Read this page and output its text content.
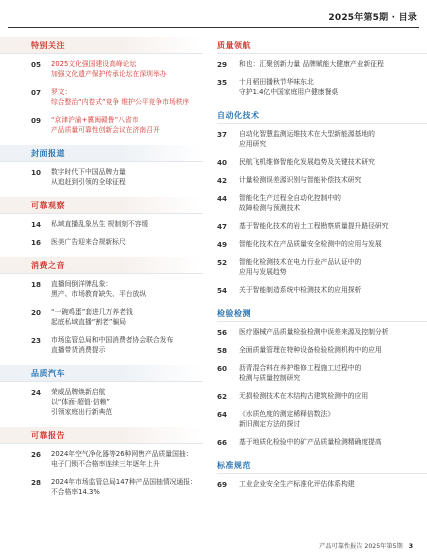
2025年第5期 · 目录
特别关注
05	2025文化强国建设高峰论坛
加强文化遗产保护传承论坛在深圳举办
07	罗文：
综合整治“内卷式”竞争 维护公平竞争市场秩序
09	“京津沪渝+冀闽赣鲁”八省市
产品质量可靠性创新会议在济南召开
封面报道
10	数字时代下中国品牌力量
从追赶到引领的全球征程
可靠观察
14	私域直播乱象丛生 规制刻不容缓
16	医美广告迎来合规新标尺
消费之音
18	直播间倒洋牌乱象：
黑产、市场教育缺失、平台放纵
20	“一碗鸡蛋”套进几万养老钱
起底私域直播“割老”骗局
23	市场监管总局和中国消费者协会联合发布
直播带货消费提示
品质汽车
24	荣威品牌焕新启航
以“体面·超值·信赖”
引领家庭出行新典范
可靠报告
26	2024年空气净化器等26种网售产品质量国抽：
电子门锁不合格率连续三年逐年上升
28	2024年市场监管总局147种产品国抽情况通报：
不合格率14.3%
质量领航
29	和也：汇聚创新力量 品牌赋能大健康产业新征程
35	十月稻田播秋节华味东北
守护1.4亿中国家庭用户健康餐桌
自动化技术
37	自动化智慧监测运维技术在大型新能源基地的
应用研究
40	民航飞机维修智能化发展趋势及关键技术研究
42	计量检测误差源识别与智能补偿技术研究
44	智能化生产过程全自动化控制中的
故障检测与预测技术
47	基于智能化技术的岩土工程勘察质量提升路径研究
49	智能化技术在产品质量安全检测中的应用与发展
52	智能化检测技术在电力行业产品认证中的
应用与发展趋势
54	关于智能制造系统中检测技术的应用探析
检验检测
56	医疗器械产品质量检验检测中误差来源及控制分析
58	全面质量管理在特种设备检验检测机构中的应用
60	沥青混合料在养护维修工程施工过程中的
检测与质量控制研究
62	无损检测技术在木结构古建筑检测中的应用
64	《水质色度的测定稀释倍数法》
新旧测定方法的探讨
66	基于地质化检验中的矿产品质量检测精确度提高
标准规范
69	工业企业安全生产标准化评估体系构建
产品可靠性报告 2025年第5期 3
